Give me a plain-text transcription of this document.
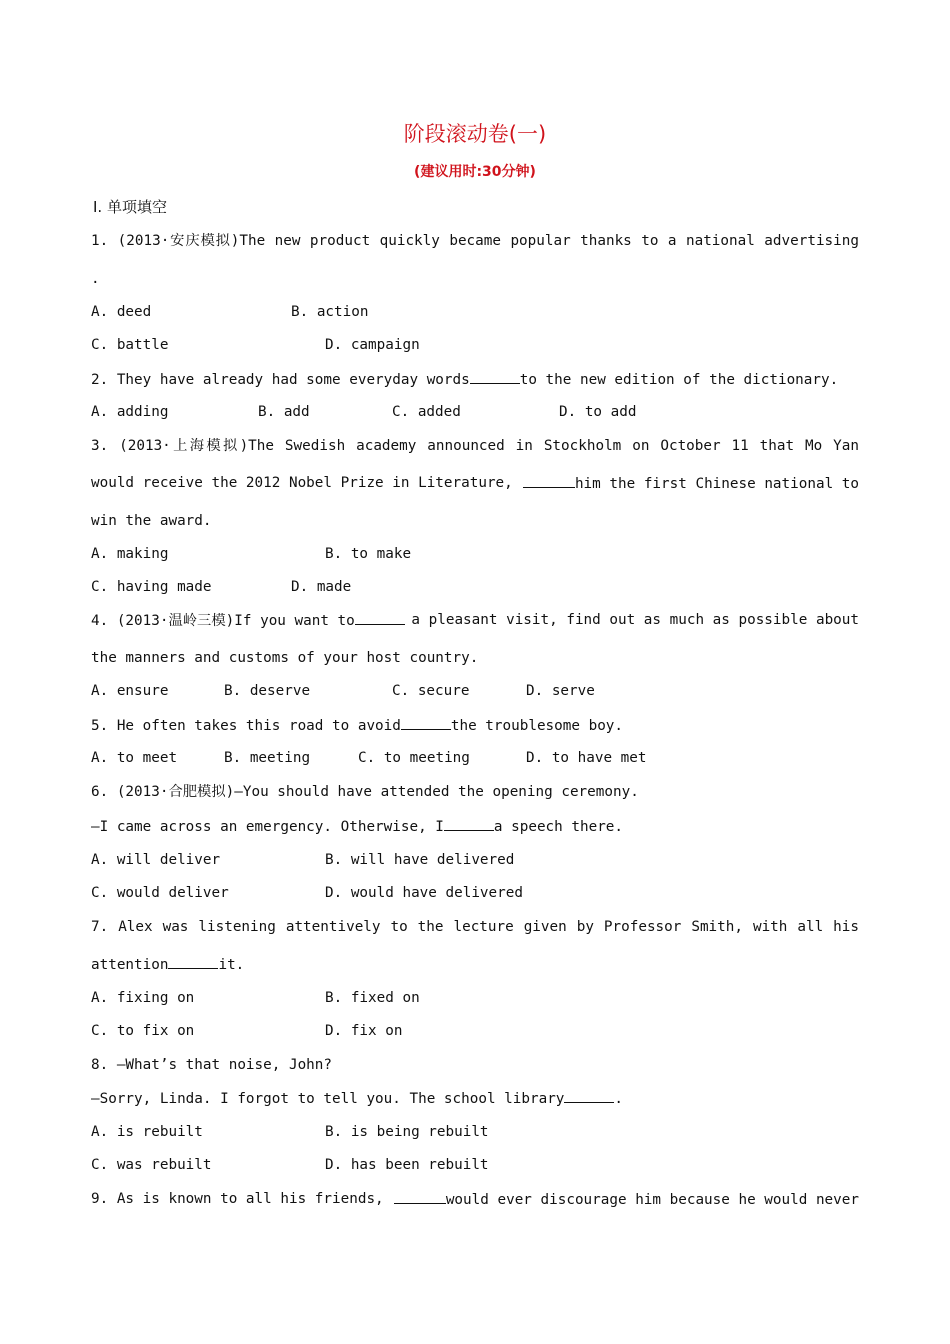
阶段滚动卷(一)
(建议用时:30分钟)
Ⅰ. 单项填空
1. (2013·安庆模拟)The new product quickly became popular thanks to a national advertising
.
A. deed	B. action
C. battle	D. campaign
2. They have already had some everyday words	to the new edition of the dictionary.
A. adding	B. add	C. added	D. to add
3. (2013·上海模拟)The Swedish academy announced in Stockholm on October 11 that Mo Yan
would receive the 2012 Nobel Prize in Literature,	him the first Chinese national to
win the award.
A. making	B. to make
C. having made	D. made
4. (2013·温岭三模)If you want to	a pleasant visit, find out as much as possible about
the manners and customs of your host country.
A. ensure	B. deserve	C. secure	D. serve
5. He often takes this road to avoid	the troublesome boy.
A. to meet	B. meeting	C. to meeting	D. to have met
6. (2013·合肥模拟)—You should have attended the opening ceremony.
—I came across an emergency. Otherwise, I	a speech there.
A. will deliver	B. will have delivered
C. would deliver	D. would have delivered
7. Alex was listening attentively to the lecture given by Professor Smith, with all his
attention	it.
A. fixing on	B. fixed on
C. to fix on	D. fix on
8. —What’s that noise, John?
—Sorry, Linda. I forgot to tell you. The school library	.
A. is rebuilt	B. is being rebuilt
C. was rebuilt	D. has been rebuilt
9. As is known to all his friends,	would ever discourage him because he would never
